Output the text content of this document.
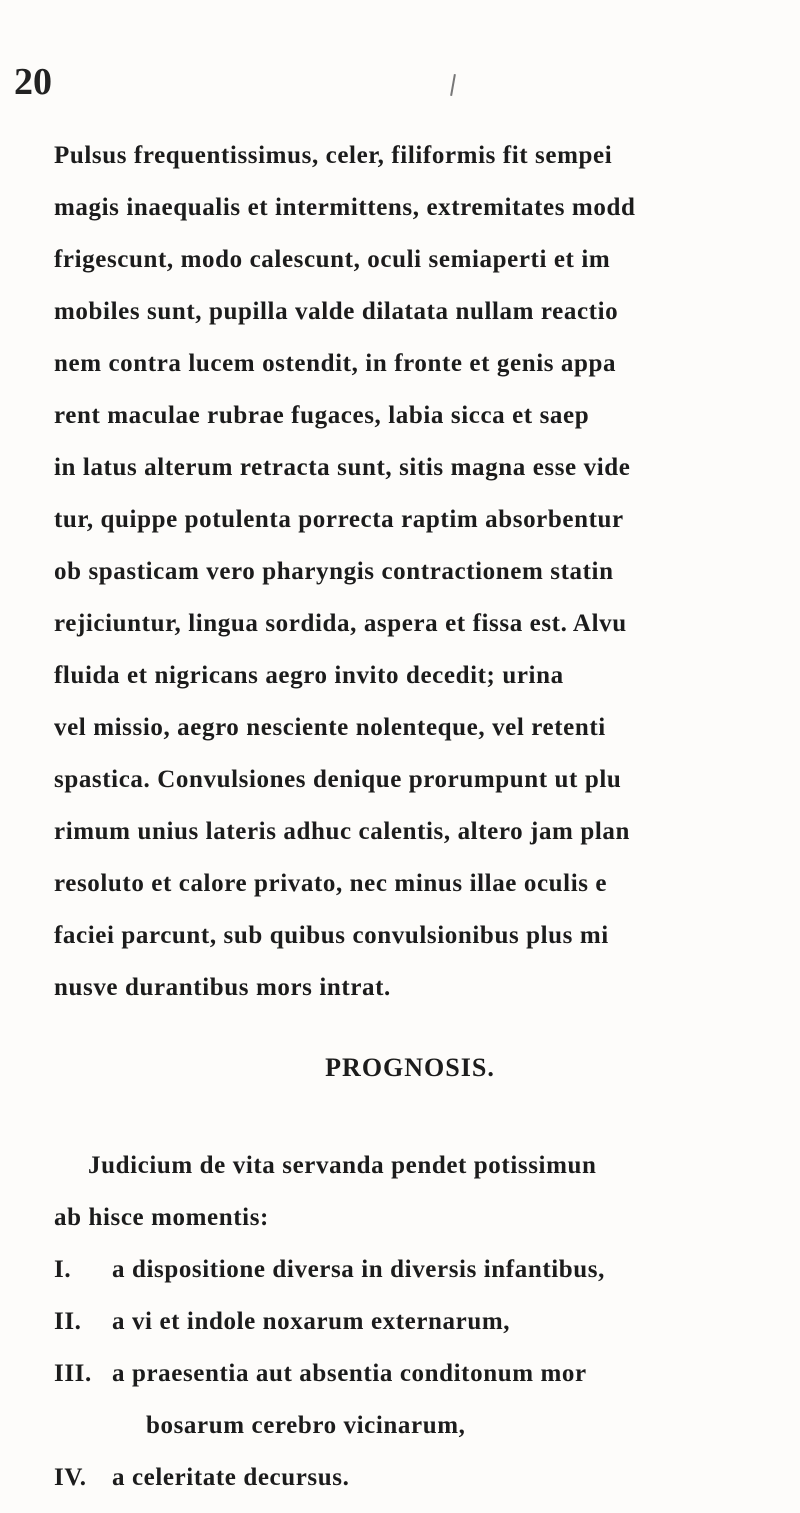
20
Pulsus frequentissimus, celer, filiformis fit sempei
magis inaequalis et intermittens, extremitates modd
frigescunt, modo calescunt, oculi semiaperti et im
mobiles sunt, pupilla valde dilatata nullam reactio
nem contra lucem ostendit, in fronte et genis appa
rent maculae rubrae fugaces, labia sicca et saep
in latus alterum retracta sunt, sitis magna esse vide
tur, quippe potulenta porrecta raptim absorbentur
ob spasticam vero pharyngis contractionem statin
rejiciuntur, lingua sordida, aspera et fissa est. Alvu
fluida et nigricans aegro invito decedit; urina
vel missio, aegro nesciente nolenteque, vel retenti
spastica. Convulsiones denique prorumpunt ut plu
rimum unius lateris adhuc calentis, altero jam plan
resoluto et calore privato, nec minus illae oculis e
faciei parcunt, sub quibus convulsionibus plus mi
nusve durantibus mors intrat.
PROGNOSIS.
Judicium de vita servanda pendet potissimun
ab hisce momentis:
I. a dispositione diversa in diversis infantibus,
II. a vi et indole noxarum externarum,
III. a praesentia aut absentia conditonum mor
bosarum cerebro vicinarum,
IV. a celeritate decursus.
